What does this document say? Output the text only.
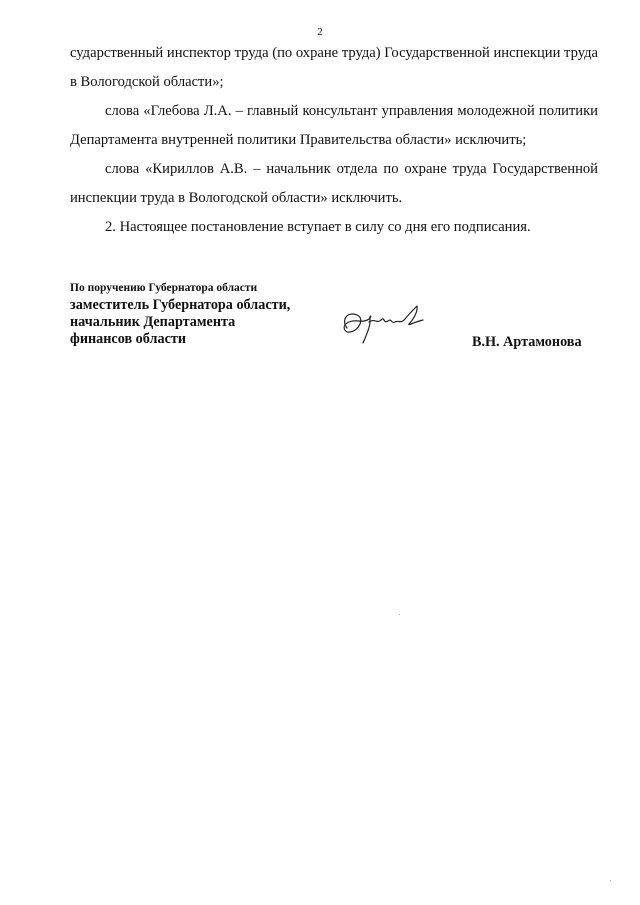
2

сударственный инспектор труда (по охране труда) Государственной инспекции труда в Вологодской области»;

слова «Глебова Л.А. – главный консультант управления молодежной политики Департамента внутренней политики Правительства области» исключить;

слова «Кириллов А.В. – начальник отдела по охране труда Государственной инспекции труда в Вологодской области» исключить.

2. Настоящее постановление вступает в силу со дня его подписания.

По поручению Губернатора области
заместитель Губернатора области,
начальник Департамента
финансов области	В.Н. Артамонова
